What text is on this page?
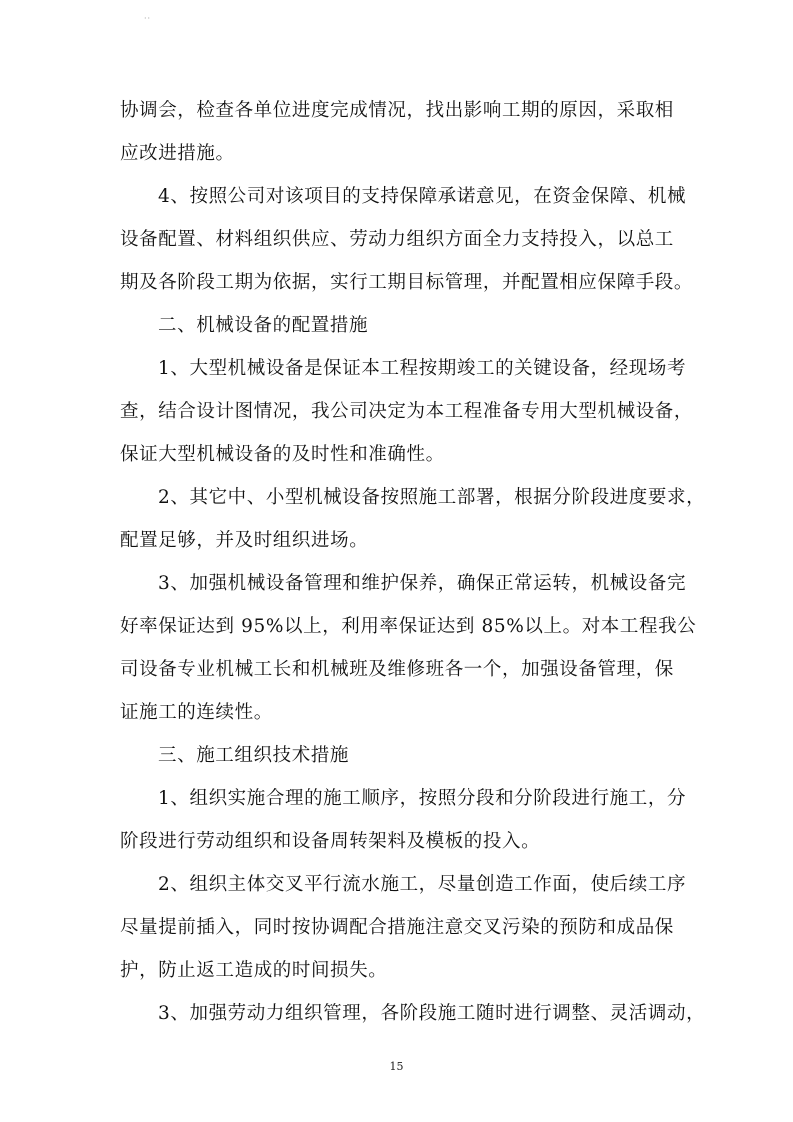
··
协调会，检查各单位进度完成情况，找出影响工期的原因，采取相
应改进措施。
4、按照公司对该项目的支持保障承诺意见，在资金保障、机械
设备配置、材料组织供应、劳动力组织方面全力支持投入，以总工
期及各阶段工期为依据，实行工期目标管理，并配置相应保障手段。
二、机械设备的配置措施
1、大型机械设备是保证本工程按期竣工的关键设备，经现场考
查，结合设计图情况，我公司决定为本工程准备专用大型机械设备，
保证大型机械设备的及时性和准确性。
2、其它中、小型机械设备按照施工部署，根据分阶段进度要求，
配置足够，并及时组织进场。
3、加强机械设备管理和维护保养，确保正常运转，机械设备完
好率保证达到 95%以上，利用率保证达到 85%以上。对本工程我公
司设备专业机械工长和机械班及维修班各一个，加强设备管理，保
证施工的连续性。
三、施工组织技术措施
1、组织实施合理的施工顺序，按照分段和分阶段进行施工，分
阶段进行劳动组织和设备周转架料及模板的投入。
2、组织主体交叉平行流水施工，尽量创造工作面，使后续工序
尽量提前插入，同时按协调配合措施注意交叉污染的预防和成品保
护，防止返工造成的时间损失。
3、加强劳动力组织管理，各阶段施工随时进行调整、灵活调动，
15
